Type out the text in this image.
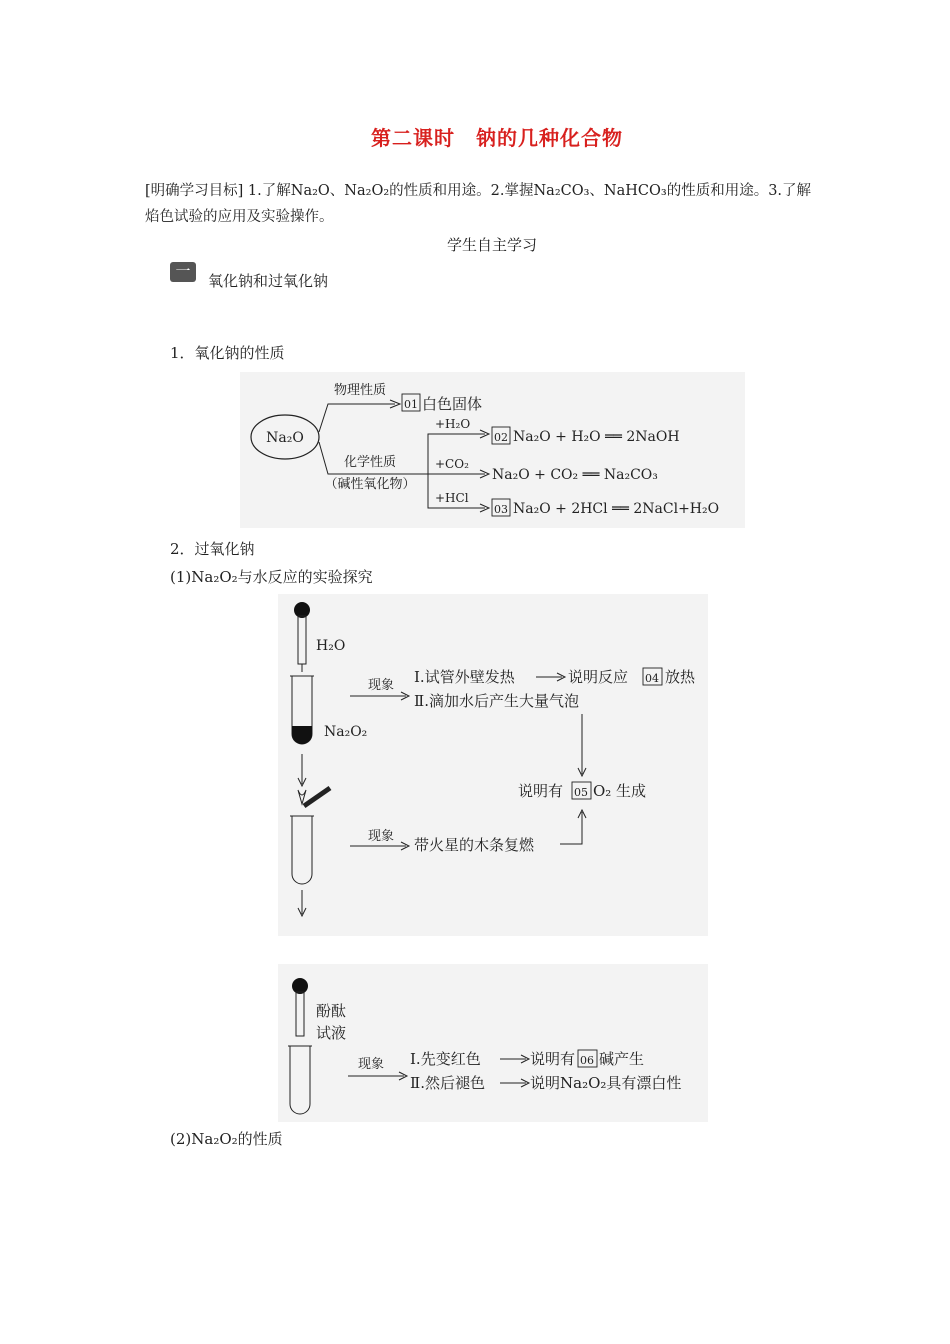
第二课时　钠的几种化合物
[明确学习目标] 1.了解Na₂O、Na₂O₂的性质和用途。2.掌握Na₂CO₃、NaHCO₃的性质和用途。3.了解焰色试验的应用及实验操作。
学生自主学习
一
氧化钠和过氧化钠
1．氧化钠的性质
Na₂O
物理性质
01 白色固体
化学性质
（碱性氧化物）
+H₂O
+CO₂
+HCl
02 Na₂O + H₂O ══ 2NaOH
Na₂O + CO₂ ══ Na₂CO₃
03 Na₂O + 2HCl ══ 2NaCl+H₂O
2．过氧化钠
(1)Na₂O₂与水反应的实验探究
H₂O
Na₂O₂
现象 Ⅰ.试管外壁发热	说明反应 04 放热
Ⅱ.滴加水后产生大量气泡
说明有 05 O₂ 生成
现象 带火星的木条复燃
酚酞
试液
现象 Ⅰ.先变红色	说明有 06 碱产生
Ⅱ.然后褪色	说明Na₂O₂具有漂白性
(2)Na₂O₂的性质
